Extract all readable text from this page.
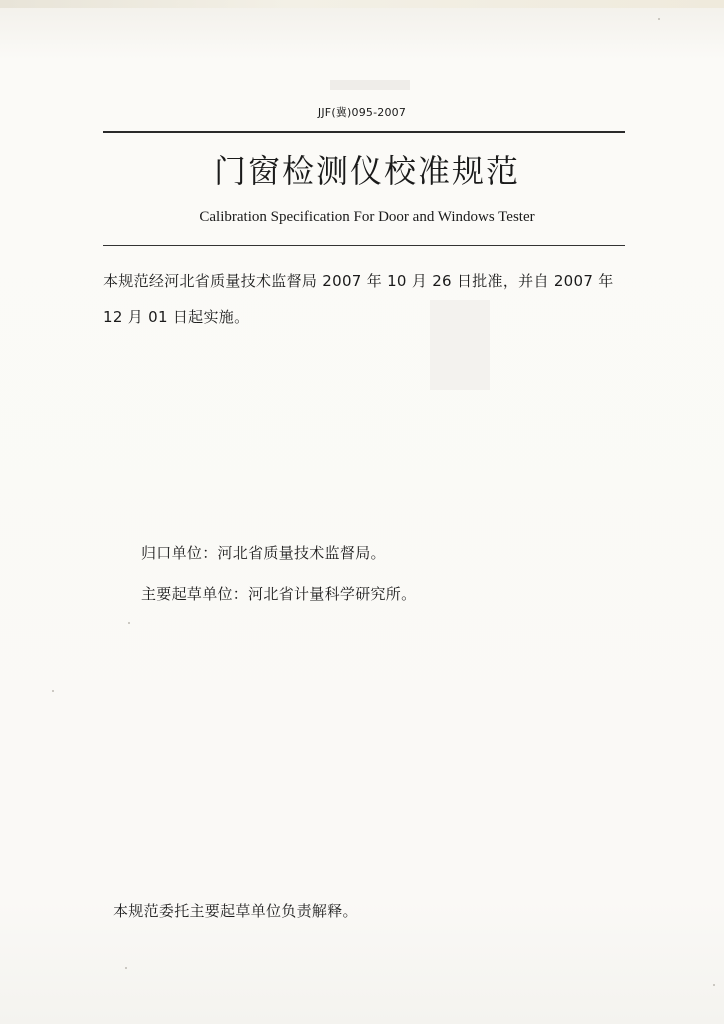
JJF(冀)095-2007
门窗检测仪校准规范
Calibration Specification For Door and Windows Tester
本规范经河北省质量技术监督局 2007 年 10 月 26 日批准，并自 2007 年 12 月 01 日起实施。
归口单位：河北省质量技术监督局。
主要起草单位：河北省计量科学研究所。
本规范委托主要起草单位负责解释。
